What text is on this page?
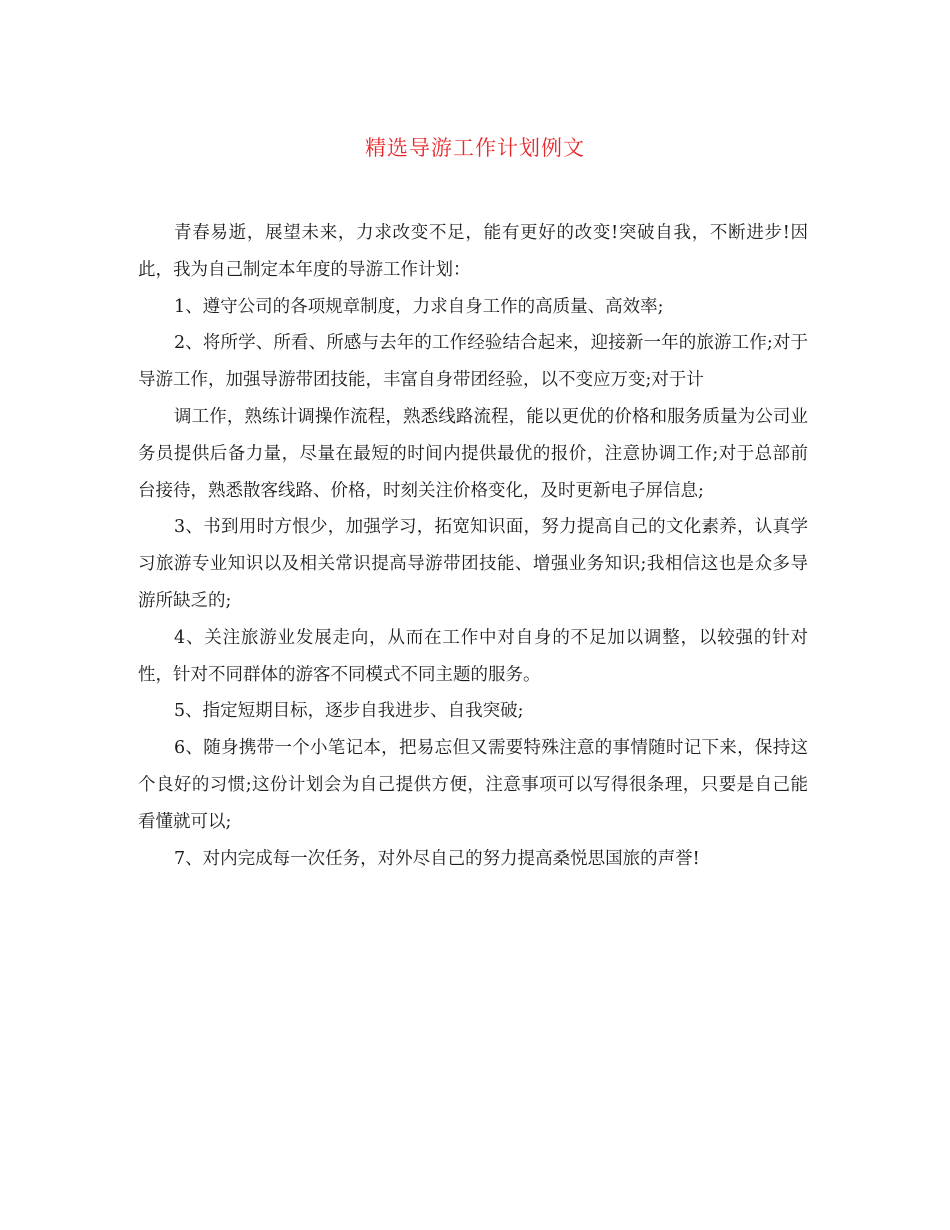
精选导游工作计划例文

青春易逝，展望未来，力求改变不足，能有更好的改变!突破自我，不断进步!因此，我为自己制定本年度的导游工作计划：

1、遵守公司的各项规章制度，力求自身工作的高质量、高效率;

2、将所学、所看、所感与去年的工作经验结合起来，迎接新一年的旅游工作;对于导游工作，加强导游带团技能，丰富自身带团经验，以不变应万变;对于计

调工作，熟练计调操作流程，熟悉线路流程，能以更优的价格和服务质量为公司业务员提供后备力量，尽量在最短的时间内提供最优的报价，注意协调工作;对于总部前台接待，熟悉散客线路、价格，时刻关注价格变化，及时更新电子屏信息;

3、书到用时方恨少，加强学习，拓宽知识面，努力提高自己的文化素养，认真学习旅游专业知识以及相关常识提高导游带团技能、增强业务知识;我相信这也是众多导游所缺乏的;

4、关注旅游业发展走向，从而在工作中对自身的不足加以调整，以较强的针对性，针对不同群体的游客不同模式不同主题的服务。

5、指定短期目标，逐步自我进步、自我突破;

6、随身携带一个小笔记本，把易忘但又需要特殊注意的事情随时记下来，保持这个良好的习惯;这份计划会为自己提供方便，注意事项可以写得很条理，只要是自己能看懂就可以;

7、对内完成每一次任务，对外尽自己的努力提高桑悦思国旅的声誉!
